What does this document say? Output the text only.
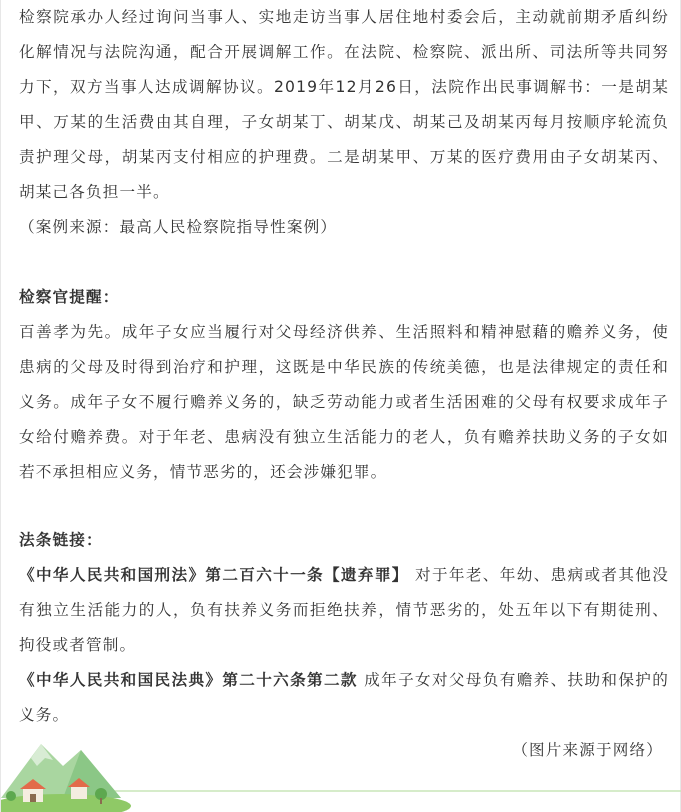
检察院承办人经过询问当事人、实地走访当事人居住地村委会后，主动就前期矛盾纠纷化解情况与法院沟通，配合开展调解工作。在法院、检察院、派出所、司法所等共同努力下，双方当事人达成调解协议。2019年12月26日，法院作出民事调解书：一是胡某甲、万某的生活费由其自理，子女胡某丁、胡某戊、胡某己及胡某丙每月按顺序轮流负责护理父母，胡某丙支付相应的护理费。二是胡某甲、万某的医疗费用由子女胡某丙、胡某己各负担一半。

（案例来源：最高人民检察院指导性案例）

检察官提醒：

百善孝为先。成年子女应当履行对父母经济供养、生活照料和精神慰藉的赡养义务，使患病的父母及时得到治疗和护理，这既是中华民族的传统美德，也是法律规定的责任和义务。成年子女不履行赡养义务的，缺乏劳动能力或者生活困难的父母有权要求成年子女给付赡养费。对于年老、患病没有独立生活能力的老人，负有赡养扶助义务的子女如若不承担相应义务，情节恶劣的，还会涉嫌犯罪。

法条链接：

《中华人民共和国刑法》第二百六十一条【遗弃罪】 对于年老、年幼、患病或者其他没有独立生活能力的人，负有扶养义务而拒绝扶养，情节恶劣的，处五年以下有期徒刑、拘役或者管制。

《中华人民共和国民法典》第二十六条第二款 成年子女对父母负有赡养、扶助和保护的义务。

（图片来源于网络）
